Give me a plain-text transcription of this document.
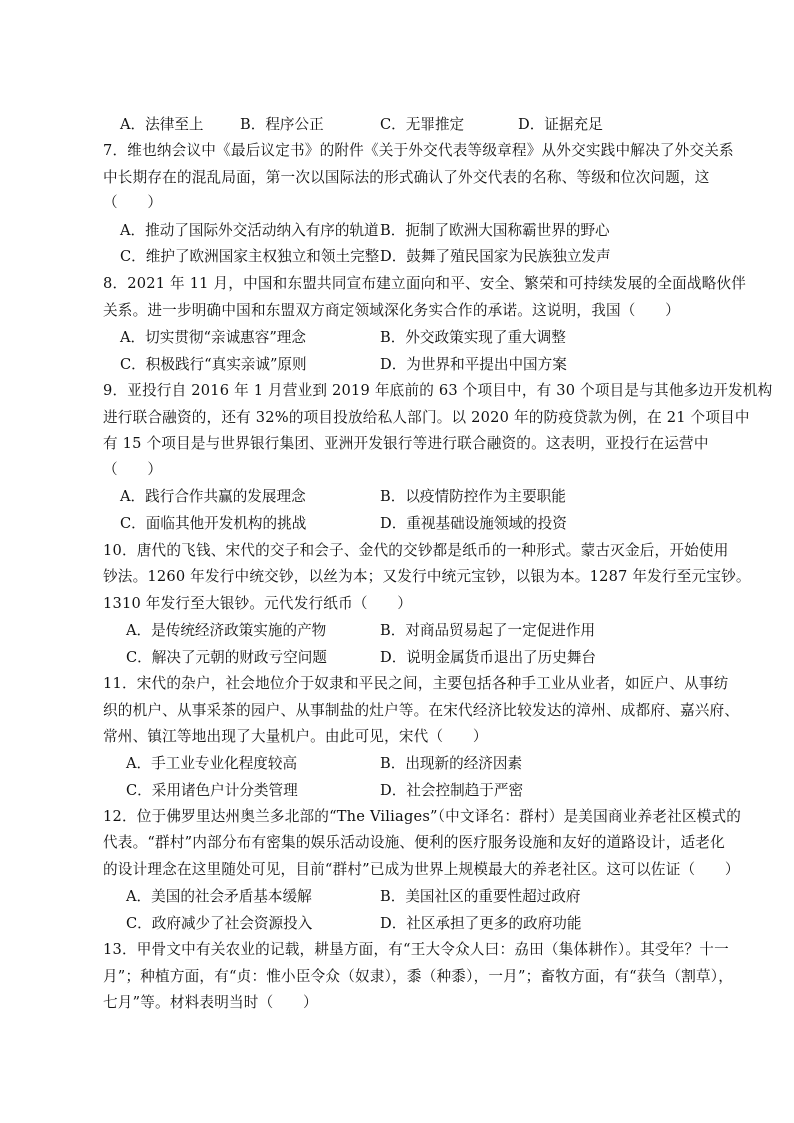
A．法律至上 B．程序公正	C．无罪推定	D．证据充足
7．维也纳会议中《最后议定书》的附件《关于外交代表等级章程》从外交实践中解决了外交关系
中长期存在的混乱局面，第一次以国际法的形式确认了外交代表的名称、等级和位次问题，这
（　　）
A．推动了国际外交活动纳入有序的轨道 B．扼制了欧洲大国称霸世界的野心
C．维护了欧洲国家主权独立和领土完整 D．鼓舞了殖民国家为民族独立发声
8．2021 年 11 月，中国和东盟共同宣布建立面向和平、安全、繁荣和可持续发展的全面战略伙伴
关系。进一步明确中国和东盟双方商定领域深化务实合作的承诺。这说明，我国（　　）
A．切实贯彻“亲诚惠容”理念	B．外交政策实现了重大调整
C．积极践行“真实亲诚”原则	D．为世界和平提出中国方案
9．亚投行自 2016 年 1 月营业到 2019 年底前的 63 个项目中，有 30 个项目是与其他多边开发机构
进行联合融资的，还有 32%的项目投放给私人部门。以 2020 年的防疫贷款为例，在 21 个项目中
有 15 个项目是与世界银行集团、亚洲开发银行等进行联合融资的。这表明，亚投行在运营中
（　　）
A．践行合作共赢的发展理念	B．以疫情防控作为主要职能
C．面临其他开发机构的挑战	D．重视基础设施领域的投资
10．唐代的飞钱、宋代的交子和会子、金代的交钞都是纸币的一种形式。蒙古灭金后，开始使用
钞法。1260 年发行中统交钞，以丝为本；又发行中统元宝钞，以银为本。1287 年发行至元宝钞。
1310 年发行至大银钞。元代发行纸币（　　）
A．是传统经济政策实施的产物	B．对商品贸易起了一定促进作用
C．解决了元朝的财政亏空问题	D．说明金属货币退出了历史舞台
11．宋代的杂户，社会地位介于奴隶和平民之间，主要包括各种手工业从业者，如匠户、从事纺
织的机户、从事采茶的园户、从事制盐的灶户等。在宋代经济比较发达的漳州、成都府、嘉兴府、
常州、镇江等地出现了大量机户。由此可见，宋代（　　）
A．手工业专业化程度较高	B．出现新的经济因素
C．采用诸色户计分类管理	D．社会控制趋于严密
12．位于佛罗里达州奥兰多北部的“The Viliages”（中文译名：群村）是美国商业养老社区模式的
代表。“群村”内部分布有密集的娱乐活动设施、便利的医疗服务设施和友好的道路设计，适老化
的设计理念在这里随处可见，目前“群村”已成为世界上规模最大的养老社区。这可以佐证（　　）
A．美国的社会矛盾基本缓解	B．美国社区的重要性超过政府
C．政府减少了社会资源投入	D．社区承担了更多的政府功能
13．甲骨文中有关农业的记载，耕垦方面，有“王大令众人曰：劦田（集体耕作）。其受年？十一
月”；种植方面，有“贞：惟小臣令众（奴隶），黍（种黍），一月”；畜牧方面，有“获刍（割草），
七月”等。材料表明当时（　　）
